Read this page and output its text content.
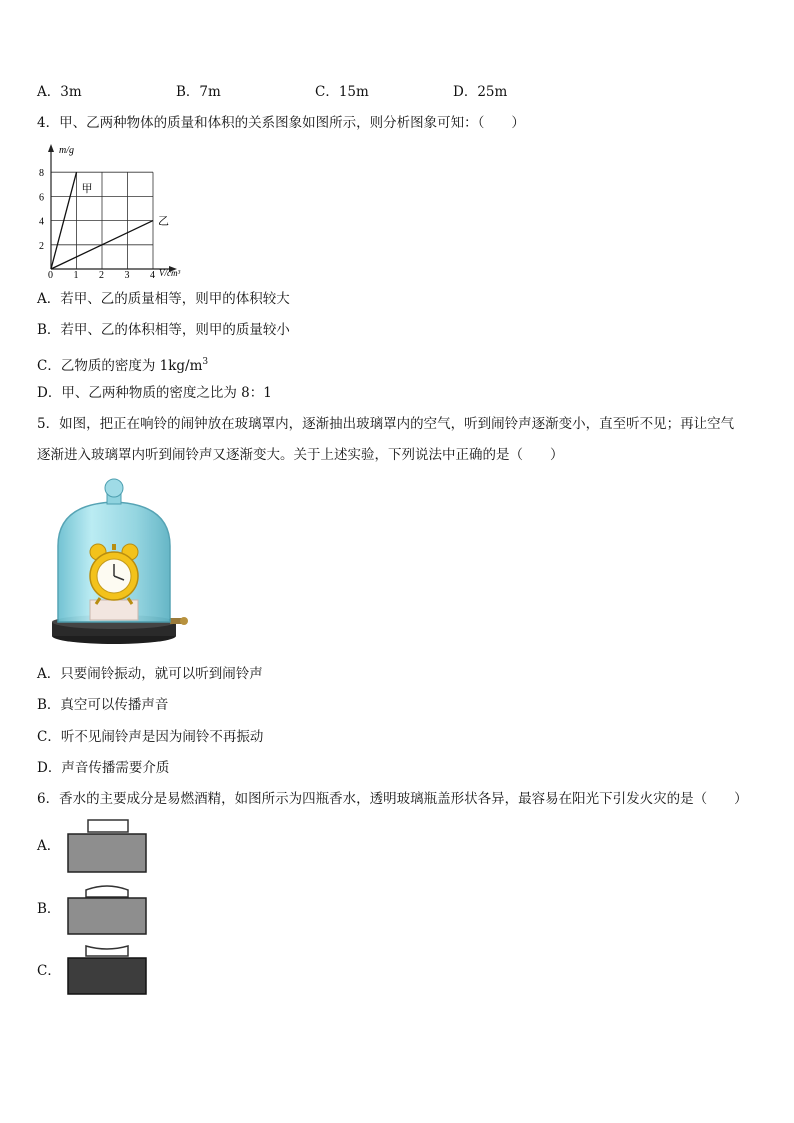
A．3m	B．7m	C．15m	D．25m
4．甲、乙两种物体的质量和体积的关系图象如图所示，则分析图象可知：（　　）
0 1 2 3 4
2
4
6
8
甲
乙
m/g
V/cm³
A．若甲、乙的质量相等，则甲的体积较大
B．若甲、乙的体积相等，则甲的质量较小
C．乙物质的密度为 $1kg/m^3$
D．甲、乙两种物质的密度之比为 8：1
5．如图，把正在响铃的闹钟放在玻璃罩内，逐渐抽出玻璃罩内的空气，听到闹铃声逐渐变小，直至听不见；再让空气
逐渐进入玻璃罩内听到闹铃声又逐渐变大。关于上述实验，下列说法中正确的是（　　）
A．只要闹铃振动，就可以听到闹铃声
B．真空可以传播声音
C．听不见闹铃声是因为闹铃不再振动
D．声音传播需要介质
6．香水的主要成分是易燃酒精，如图所示为四瓶香水，透明玻璃瓶盖形状各异，最容易在阳光下引发火灾的是（　　）
A．
B．
C．
